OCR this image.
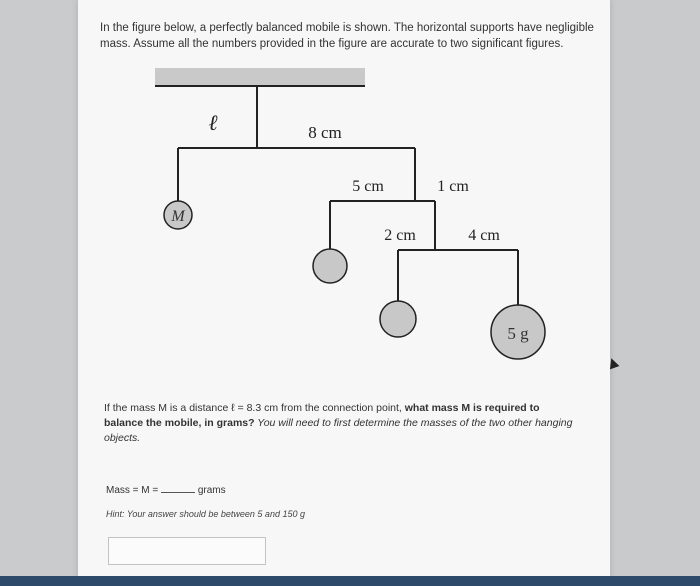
In the figure below, a perfectly balanced mobile is shown. The horizontal supports have negligible mass. Assume all the numbers provided in the figure are accurate to two significant figures.
M
ℓ	8 cm
5 cm	1 cm
2 cm	4 cm
5 g
If the mass M is a distance ℓ = 8.3 cm from the connection point, what mass M is required to balance the mobile, in grams? You will need to first determine the masses of the two other hanging objects.
Mass = M =	grams
Hint: Your answer should be between 5 and 150 g
